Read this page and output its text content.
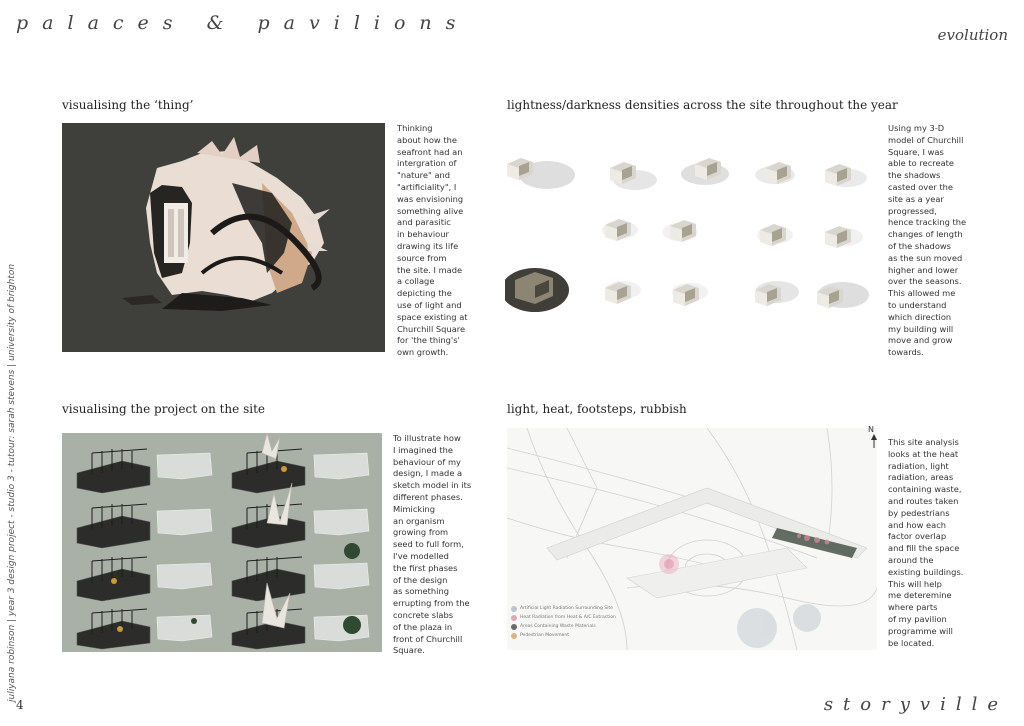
palaces & pavilions
evolution
4	storyville
juliyana robinson | year 3 design project - studio 3 - tutour: sarah stevens | university of brighton
visualising the ‘thing’

Thinking

about how the

seafront had an

intergration of

"nature" and

"artificiality", I

was envisioning

something alive

and parasitic

in behaviour

drawing its life

source from

the site. I made

a collage

depicting the

use of light and

space existing at

Churchill Square

for 'the thing's'

own growth.

lightness/darkness densities across the site throughout the year

Using my 3-D

model of Churchill

Square, I was

able to recreate

the shadows

casted over the

site as a year

progressed,

hence tracking the

changes of length

of the shadows

as the sun moved

higher and lower

over the seasons.

This allowed me

to understand

which direction

my building will

move and grow

towards.

visualising the project on the site

To illustrate how

I imagined the

behaviour of my

design, I made a

sketch model in its

different phases.

Mimicking

an organism

growing from

seed to full form,

I've modelled

the first phases

of the design

as something

errupting from the

concrete slabs

of the plaza in

front of Churchill

Square.

light, heat, footsteps, rubbish
N
Artificial Light Radiation Surrounding Site
Heat Radiation from Heat & A/C Extraction
Areas Containing Waste Materials
Pedestrian Movement

This site analysis

looks at the heat

radiation, light

radiation, areas

containing waste,

and routes taken

by pedestrians

and how each

factor overlap

and fill the space

around the

existing buildings.

This will help

me deteremine

where parts

of my pavilion

programme will

be located.
